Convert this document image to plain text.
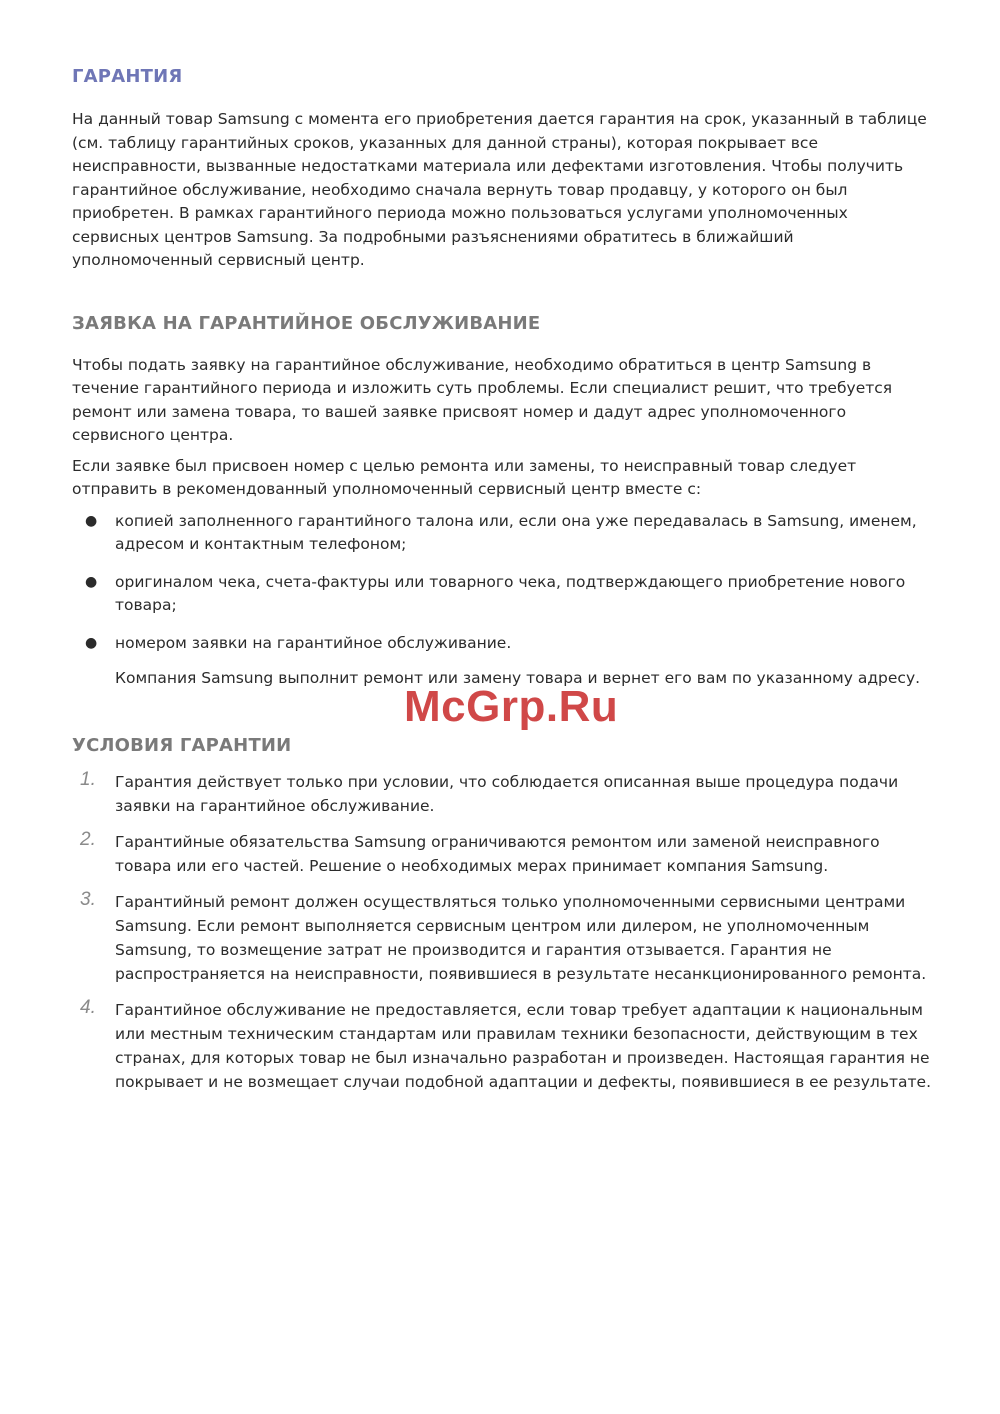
ГАРАНТИЯ

На данный товар Samsung с момента его приобретения дается гарантия на срок, указанный в таблице (см. таблицу гарантийных сроков, указанных для данной страны), которая покрывает все неисправности, вызванные недостатками материала или дефектами изготовления. Чтобы получить гарантийное обслуживание, необходимо сначала вернуть товар продавцу, у которого он был приобретен. В рамках гарантийного периода можно пользоваться услугами уполномоченных сервисных центров Samsung. За подробными разъяснениями обратитесь в ближайший уполномоченный сервисный центр.

ЗАЯВКА НА ГАРАНТИЙНОЕ ОБСЛУЖИВАНИЕ

Чтобы подать заявку на гарантийное обслуживание, необходимо обратиться в центр Samsung в течение гарантийного периода и изложить суть проблемы. Если специалист решит, что требуется ремонт или замена товара, то вашей заявке присвоят номер и дадут адрес уполномоченного сервисного центра.

Если заявке был присвоен номер с целью ремонта или замены, то неисправный товар следует отправить в рекомендованный уполномоченный сервисный центр вместе с:

● копией заполненного гарантийного талона или, если она уже передавалась в Samsung, именем, адресом и контактным телефоном;
● оригиналом чека, счета-фактуры или товарного чека, подтверждающего приобретение нового товара;
● номером заявки на гарантийное обслуживание.

Компания Samsung выполнит ремонт или замену товара и вернет его вам по указанному адресу.

УСЛОВИЯ ГАРАНТИИ
1. Гарантия действует только при условии, что соблюдается описанная выше процедура подачи заявки на гарантийное обслуживание.
2. Гарантийные обязательства Samsung ограничиваются ремонтом или заменой неисправного товара или его частей. Решение о необходимых мерах принимает компания Samsung.
3. Гарантийный ремонт должен осуществляться только уполномоченными сервисными центрами Samsung. Если ремонт выполняется сервисным центром или дилером, не уполномоченным Samsung, то возмещение затрат не производится и гарантия отзывается. Гарантия не распространяется на неисправности, появившиеся в результате несанкционированного ремонта.
4. Гарантийное обслуживание не предоставляется, если товар требует адаптации к национальным или местным техническим стандартам или правилам техники безопасности, действующим в тех странах, для которых товар не был изначально разработан и произведен. Настоящая гарантия не покрывает и не возмещает случаи подобной адаптации и дефекты, появившиеся в ее результате.
McGrp.Ru
